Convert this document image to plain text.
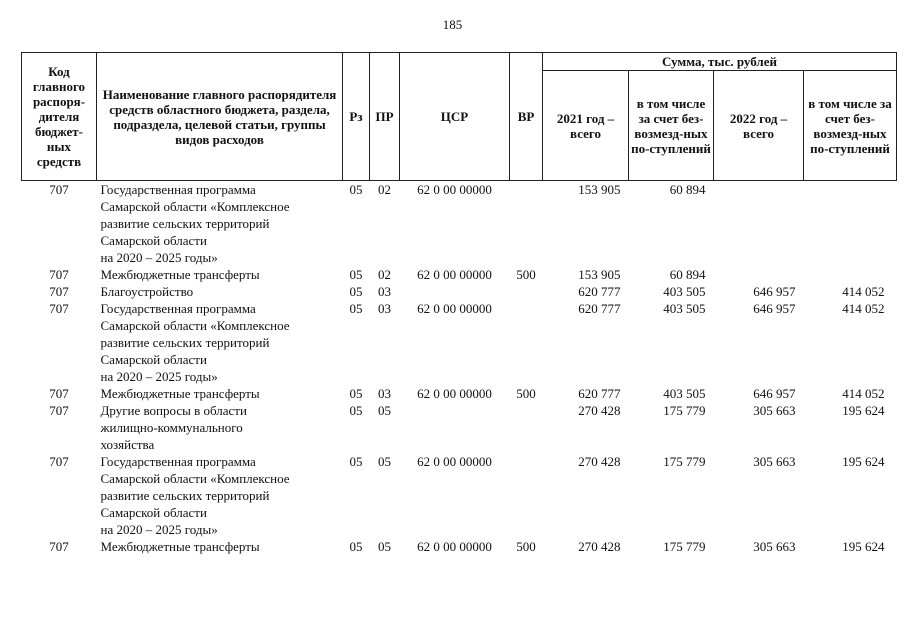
185
Код главного распоря-дителя бюджет-ных средств	Наименование главного распорядителя средств областного бюджета, раздела, подраздела, целевой статьи, группы видов расходов	Рз	ПР	ЦСР	ВР	Сумма, тыс. рублей			
						2021 год – всего	в том числе за счет без-возмезд-ных по-ступлений	2022 год – всего	в том числе за счет без-возмезд-ных по-ступлений
707	Государственная программа
Самарской области «Комплексное
развитие сельских территорий
Самарской области
на 2020 – 2025 годы»	05	02	62 0 00 00000		153 905	60 894		
707	Межбюджетные трансферты	05	02	62 0 00 00000	500	153 905	60 894		
707	Благоустройство	05	03			620 777	403 505	646 957	414 052
707	Государственная программа
Самарской области «Комплексное
развитие сельских территорий
Самарской области
на 2020 – 2025 годы»	05	03	62 0 00 00000		620 777	403 505	646 957	414 052
707	Межбюджетные трансферты	05	03	62 0 00 00000	500	620 777	403 505	646 957	414 052
707	Другие вопросы в области
жилищно-коммунального
хозяйства	05	05			270 428	175 779	305 663	195 624
707	Государственная программа
Самарской области «Комплексное
развитие сельских территорий
Самарской области
на 2020 – 2025 годы»	05	05	62 0 00 00000		270 428	175 779	305 663	195 624
707	Межбюджетные трансферты	05	05	62 0 00 00000	500	270 428	175 779	305 663	195 624
